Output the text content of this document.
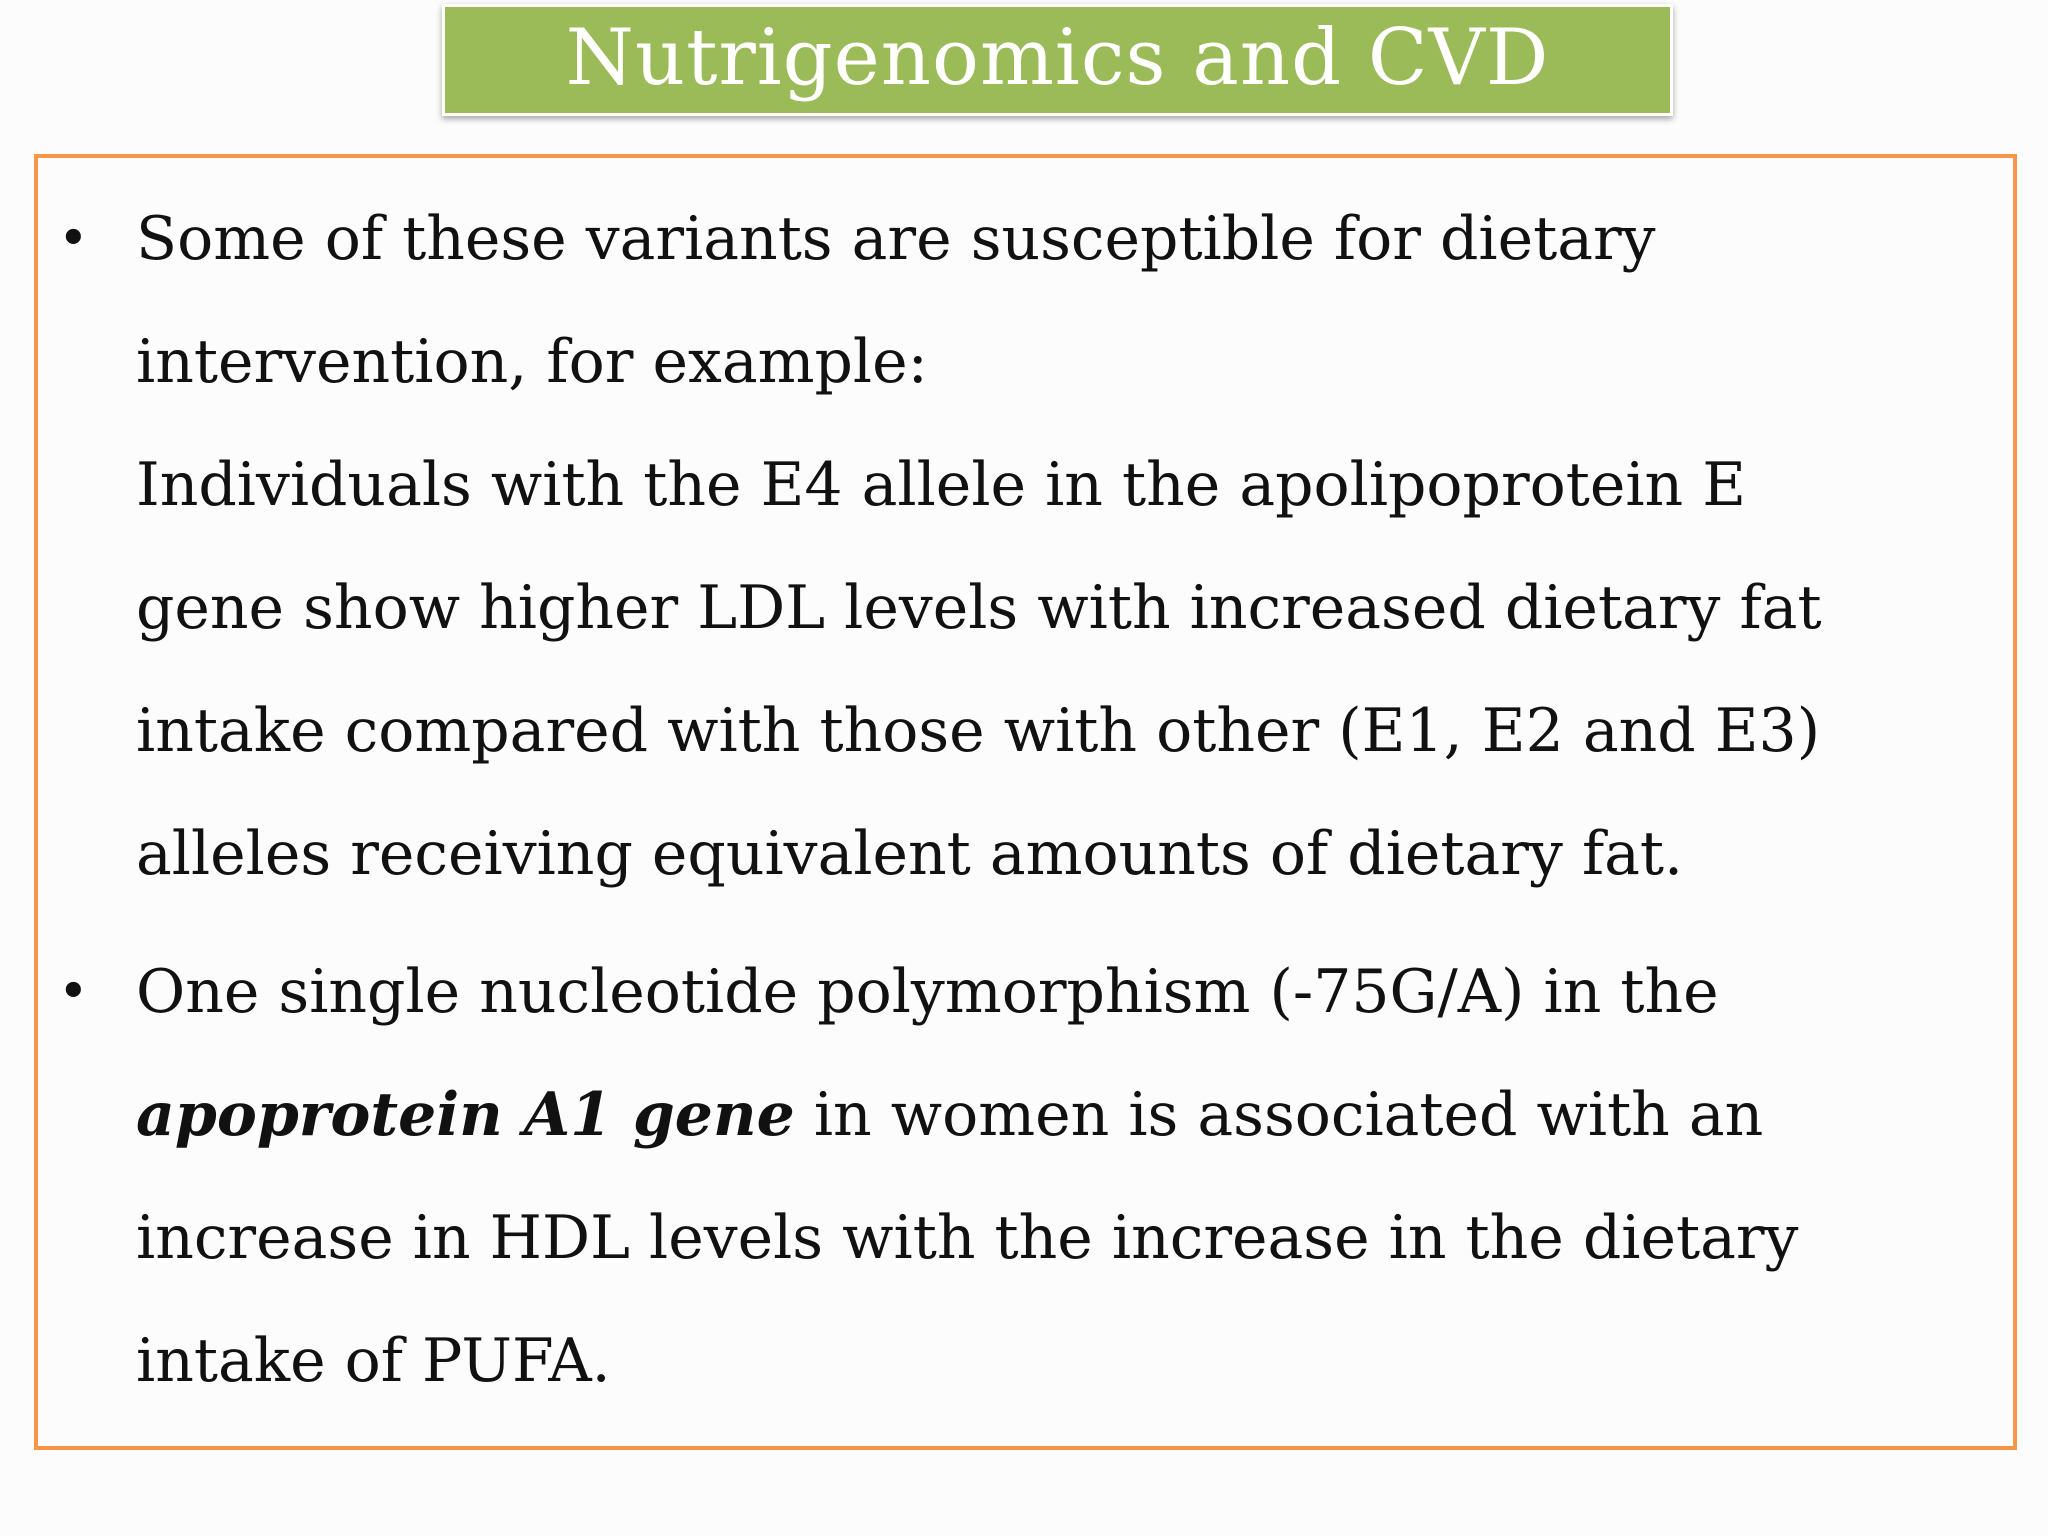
Nutrigenomics and CVD
• Some of these variants are susceptible for dietary
intervention, for example:
Individuals with the E4 allele in the apolipoprotein E
gene show higher LDL levels with increased dietary fat
intake compared with those with other (E1, E2 and E3)
alleles receiving equivalent amounts of dietary fat.
• One single nucleotide polymorphism (-75G/A) in the
apoprotein A1 gene in women is associated with an
increase in HDL levels with the increase in the dietary
intake of PUFA.
